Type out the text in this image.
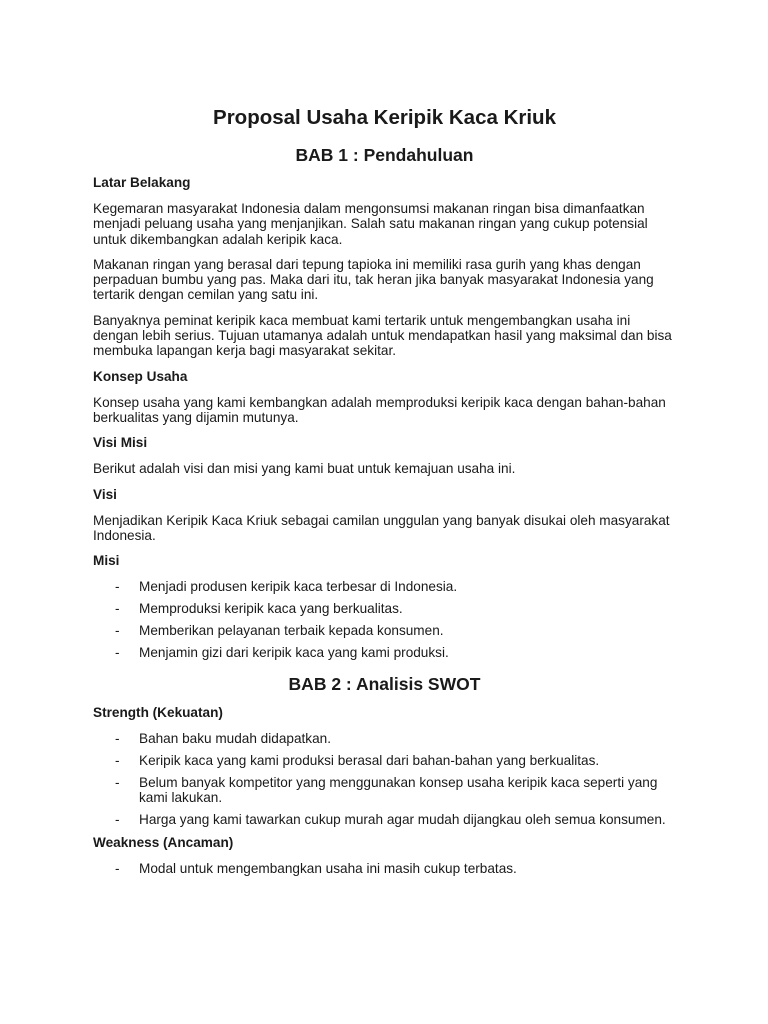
Proposal Usaha Keripik Kaca Kriuk
BAB 1 : Pendahuluan
Latar Belakang

Kegemaran masyarakat Indonesia dalam mengonsumsi makanan ringan bisa dimanfaatkan menjadi peluang usaha yang menjanjikan. Salah satu makanan ringan yang cukup potensial untuk dikembangkan adalah keripik kaca.

Makanan ringan yang berasal dari tepung tapioka ini memiliki rasa gurih yang khas dengan perpaduan bumbu yang pas. Maka dari itu, tak heran jika banyak masyarakat Indonesia yang tertarik dengan cemilan yang satu ini.

Banyaknya peminat keripik kaca membuat kami tertarik untuk mengembangkan usaha ini dengan lebih serius. Tujuan utamanya adalah untuk mendapatkan hasil yang maksimal dan bisa membuka lapangan kerja bagi masyarakat sekitar.

Konsep Usaha

Konsep usaha yang kami kembangkan adalah memproduksi keripik kaca dengan bahan-bahan berkualitas yang dijamin mutunya.

Visi Misi

Berikut adalah visi dan misi yang kami buat untuk kemajuan usaha ini.

Visi

Menjadikan Keripik Kaca Kriuk sebagai camilan unggulan yang banyak disukai oleh masyarakat Indonesia.

Misi
- Menjadi produsen keripik kaca terbesar di Indonesia.
- Memproduksi keripik kaca yang berkualitas.
- Memberikan pelayanan terbaik kepada konsumen.
- Menjamin gizi dari keripik kaca yang kami produksi.
BAB 2 : Analisis SWOT
Strength (Kekuatan)
- Bahan baku mudah didapatkan.
- Keripik kaca yang kami produksi berasal dari bahan-bahan yang berkualitas.
- Belum banyak kompetitor yang menggunakan konsep usaha keripik kaca seperti yang kami lakukan.
- Harga yang kami tawarkan cukup murah agar mudah dijangkau oleh semua konsumen.
Weakness (Ancaman)
- Modal untuk mengembangkan usaha ini masih cukup terbatas.
